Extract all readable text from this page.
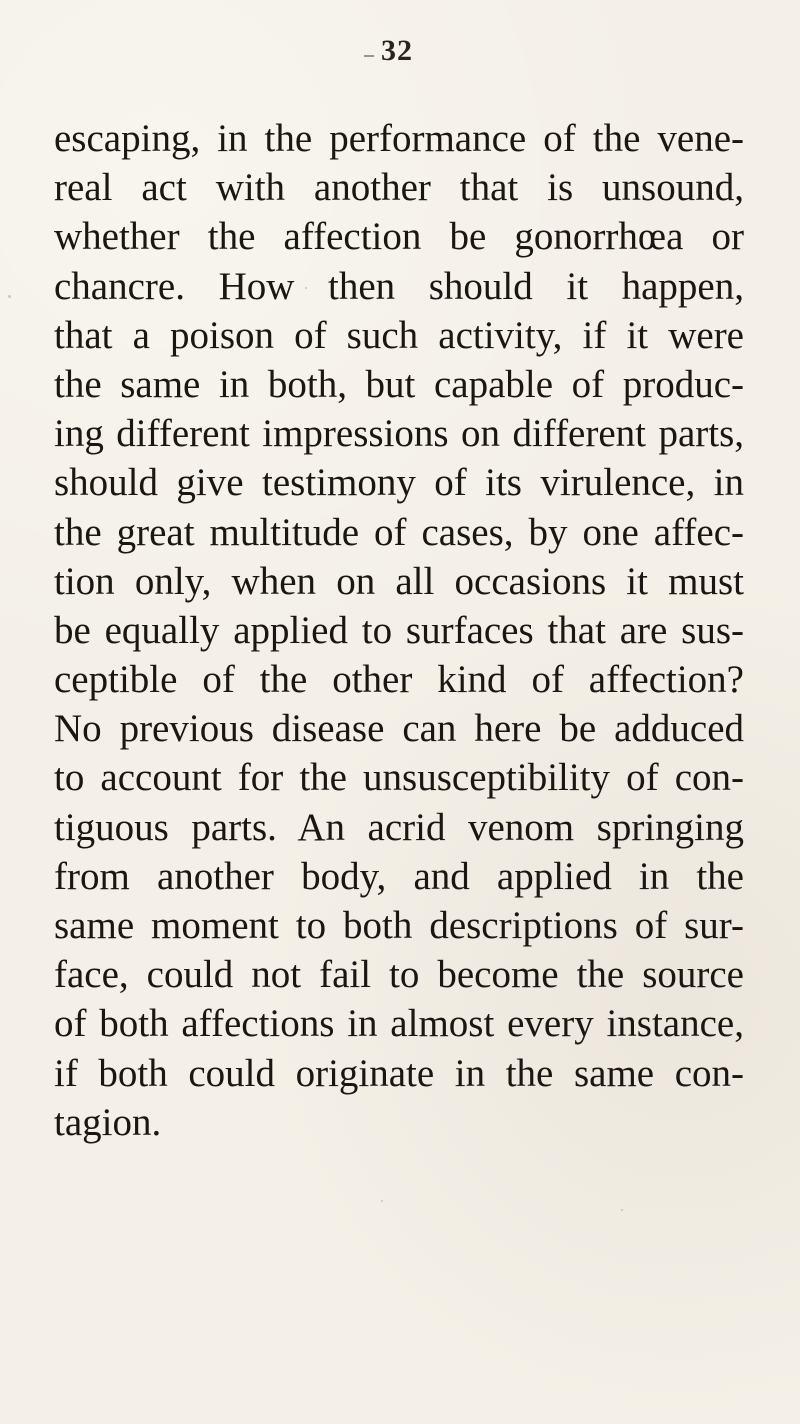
32
escaping, in the performance of the vene-
real act with another that is unsound,
whether the affection be gonorrhœa or
chancre. How then should it happen,
that a poison of such activity, if it were
the same in both, but capable of produc-
ing different impressions on different parts,
should give testimony of its virulence, in
the great multitude of cases, by one affec-
tion only, when on all occasions it must
be equally applied to surfaces that are sus-
ceptible of the other kind of affection?
No previous disease can here be adduced
to account for the unsusceptibility of con-
tiguous parts. An acrid venom springing
from another body, and applied in the
same moment to both descriptions of sur-
face, could not fail to become the source
of both affections in almost every instance,
if both could originate in the same con-
tagion.
